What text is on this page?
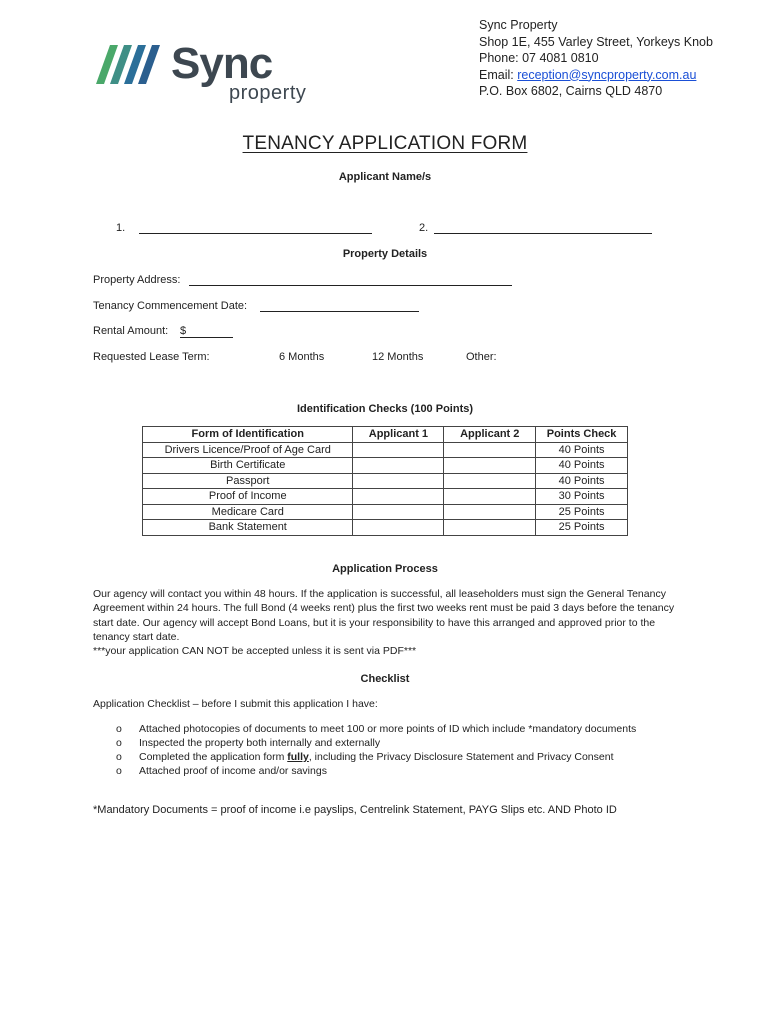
Sync
property
Sync Property
Shop 1E, 455 Varley Street, Yorkeys Knob
Phone: 07 4081 0810
Email: reception@syncproperty.com.au
P.O. Box 6802, Cairns QLD 4870
TENANCY APPLICATION FORM
Applicant Name/s
1.	2.
Property Details
Property Address:
Tenancy Commencement Date:
Rental Amount: $
Requested Lease Term:	6 Months	12 Months	Other:
Identification Checks (100 Points)
Form of Identification	Applicant 1	Applicant 2	Points Check
Drivers Licence/Proof of Age Card			40 Points
Birth Certificate			40 Points
Passport			40 Points
Proof of Income			30 Points
Medicare Card			25 Points
Bank Statement			25 Points
Application Process
Our agency will contact you within 48 hours. If the application is successful, all leaseholders must sign the General Tenancy
Agreement within 24 hours. The full Bond (4 weeks rent) plus the first two weeks rent must be paid 3 days before the tenancy
start date. Our agency will accept Bond Loans, but it is your responsibility to have this arranged and approved prior to the
tenancy start date.
***your application CAN NOT be accepted unless it is sent via PDF***
Checklist
Application Checklist – before I submit this application I have:
o Attached photocopies of documents to meet 100 or more points of ID which include *mandatory documents
o Inspected the property both internally and externally
o Completed the application form fully, including the Privacy Disclosure Statement and Privacy Consent
o Attached proof of income and/or savings
*Mandatory Documents = proof of income i.e payslips, Centrelink Statement, PAYG Slips etc. AND Photo ID
